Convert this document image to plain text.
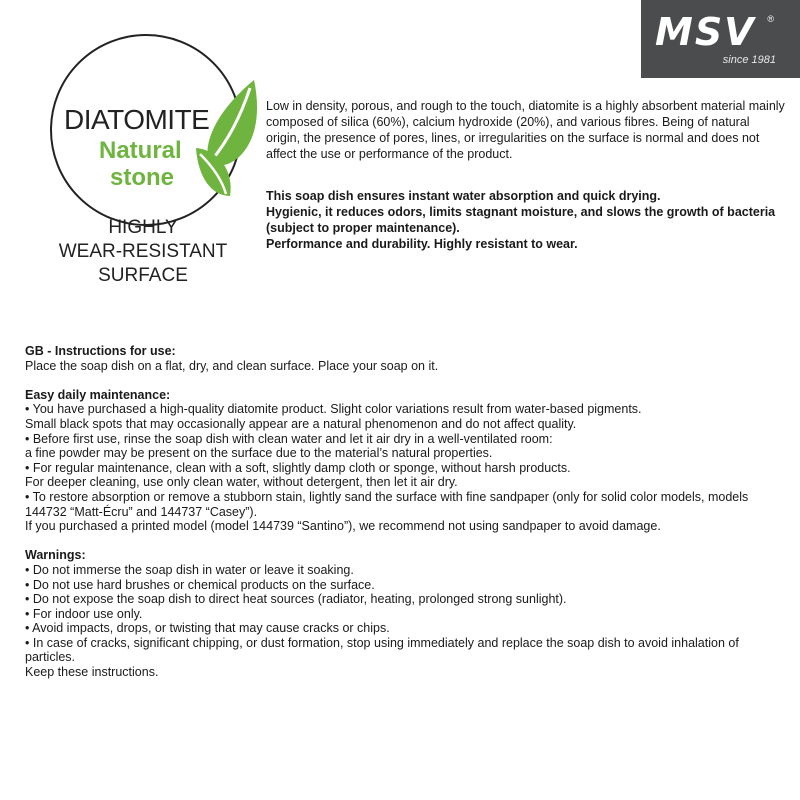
MSV ®
since 1981
DIATOMITE
Natural
stone
HIGHLY
WEAR-RESISTANT
SURFACE

Low in density, porous, and rough to the touch, diatomite is a highly absorbent material mainly composed of silica (60%), calcium hydroxide (20%), and various fibres. Being of natural origin, the presence of pores, lines, or irregularities on the surface is normal and does not affect the use or performance of the product.

This soap dish ensures instant water absorption and quick drying.

Hygienic, it reduces odors, limits stagnant moisture, and slows the growth of bacteria (subject to proper maintenance).

Performance and durability. Highly resistant to wear.

GB - Instructions for use:

Place the soap dish on a flat, dry, and clean surface. Place your soap on it.

Easy daily maintenance:

• You have purchased a high-quality diatomite product. Slight color variations result from water-based pigments.

Small black spots that may occasionally appear are a natural phenomenon and do not affect quality.

• Before first use, rinse the soap dish with clean water and let it air dry in a well-ventilated room:

a fine powder may be present on the surface due to the material’s natural properties.

• For regular maintenance, clean with a soft, slightly damp cloth or sponge, without harsh products.

For deeper cleaning, use only clean water, without detergent, then let it air dry.

• To restore absorption or remove a stubborn stain, lightly sand the surface with fine sandpaper (only for solid color models, models 144732 “Matt-Écru” and 144737 “Casey”).

If you purchased a printed model (model 144739 “Santino”), we recommend not using sandpaper to avoid damage.

Warnings:

• Do not immerse the soap dish in water or leave it soaking.

• Do not use hard brushes or chemical products on the surface.

• Do not expose the soap dish to direct heat sources (radiator, heating, prolonged strong sunlight).

• For indoor use only.

• Avoid impacts, drops, or twisting that may cause cracks or chips.

• In case of cracks, significant chipping, or dust formation, stop using immediately and replace the soap dish to avoid inhalation of particles.

Keep these instructions.
